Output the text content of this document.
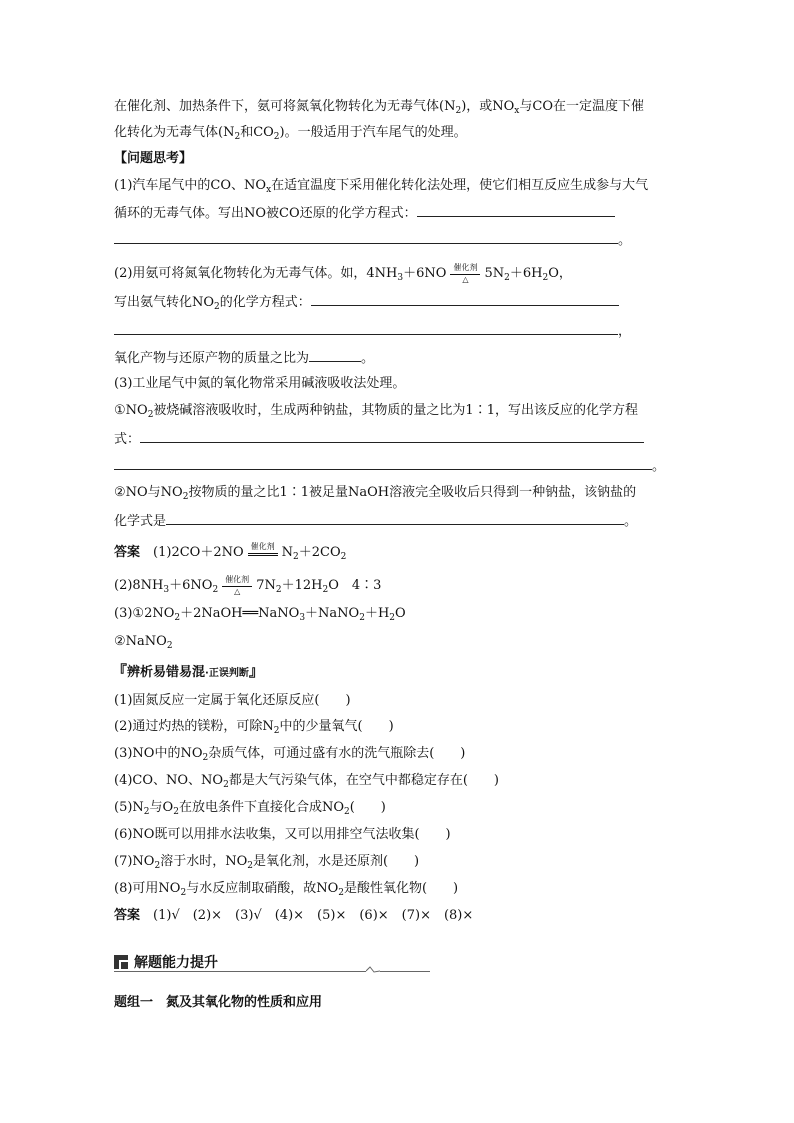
在催化剂、加热条件下，氨可将氮氧化物转化为无毒气体$(N_2)$，或$NO_x$与CO在一定温度下催
化转化为无毒气体($N_2$和$CO_2$)。一般适用于汽车尾气的处理。
【问题思考】
(1)汽车尾气中的CO、$NO_x$在适宜温度下采用催化转化法处理，使它们相互反应生成参与大气
循环的无毒气体。写出NO被CO还原的化学方程式：
。
(2)用氨可将氮氧化物转化为无毒气体。如，$4NH_3+6NO$ 催化剂
△	$5N_2+6H_2O$，
写出氨气转化$NO_2$的化学方程式：
，
氧化产物与还原产物的质量之比为	。
(3)工业尾气中氮的氧化物常采用碱液吸收法处理。
$①NO_2$被烧碱溶液吸收时，生成两种钠盐，其物质的量之比为1∶1，写出该反应的化学方程
式：
。
②NO与$NO_2$按物质的量之比1∶1被足量NaOH溶液完全吸收后只得到一种钠盐，该钠盐的
化学式是	。
答案　 (1)2CO＋2NO 催化剂 $N_2+2CO_2$
$(2)8NH_3+6NO_2$
催化剂
△	$7N_2+12H_2O$　4∶3
$(3)①2NO_2+2NaOH══NaNO_3+NaNO_2+H_2O$
②NaNO$_2$
『辨析易错易混·正误判断』
(1)固氮反应一定属于氧化还原反应(　　)
(2)通过灼热的镁粉，可除$N_2$中的少量氧气(　　)
(3)NO中的$NO_2$杂质气体，可通过盛有水的洗气瓶除去(　　)
(4)CO、NO、$NO_2$都是大气污染气体，在空气中都稳定存在(　　)
$(5)N_2$与$O_2$在放电条件下直接化合成$NO_2$(　　)
(6)NO既可以用排水法收集，又可以用排空气法收集(　　)
$(7)NO_2$溶于水时，$NO_2$是氧化剂，水是还原剂(　　)
(8)可用$NO_2$与水反应制取硝酸，故$NO_2$是酸性氧化物(　　)
答案　 (1)√　(2)×　(3)√　(4)×　(5)×　(6)×　(7)×　(8)×
解题能力提升
题组一　 氮及其氧化物的性质和应用
